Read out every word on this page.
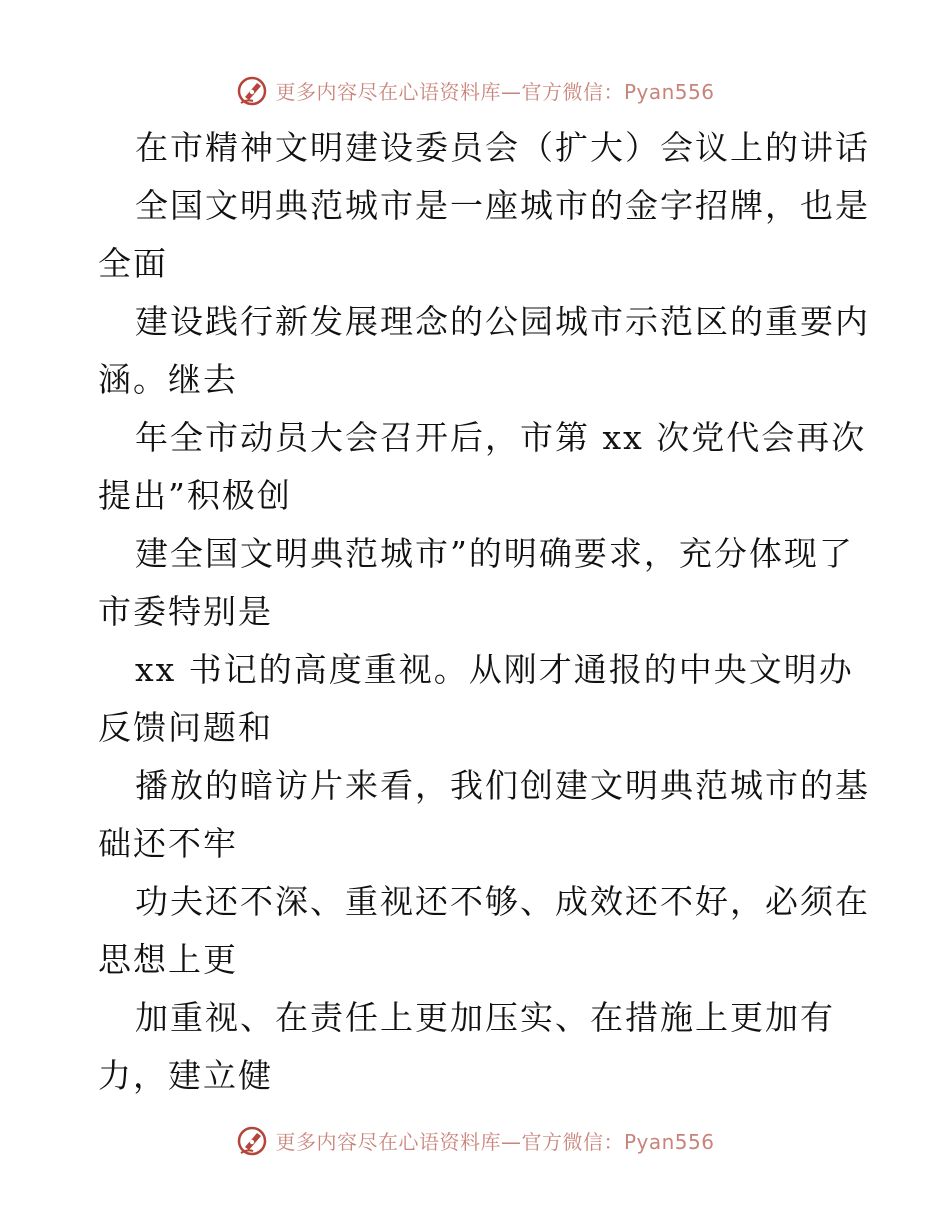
更多内容尽在心语资料库—官方微信：Pyan556
在市精神文明建设委员会（扩大）会议上的讲话
全国文明典范城市是一座城市的金字招牌，也是
全面
建设践行新发展理念的公园城市示范区的重要内
涵。继去
年全市动员大会召开后，市第 xx 次党代会再次
提出”积极创
建全国文明典范城市”的明确要求，充分体现了
市委特别是
xx 书记的高度重视。从刚才通报的中央文明办
反馈问题和
播放的暗访片来看，我们创建文明典范城市的基
础还不牢
功夫还不深、重视还不够、成效还不好，必须在
思想上更
加重视、在责任上更加压实、在措施上更加有
力，建立健
更多内容尽在心语资料库—官方微信：Pyan556
